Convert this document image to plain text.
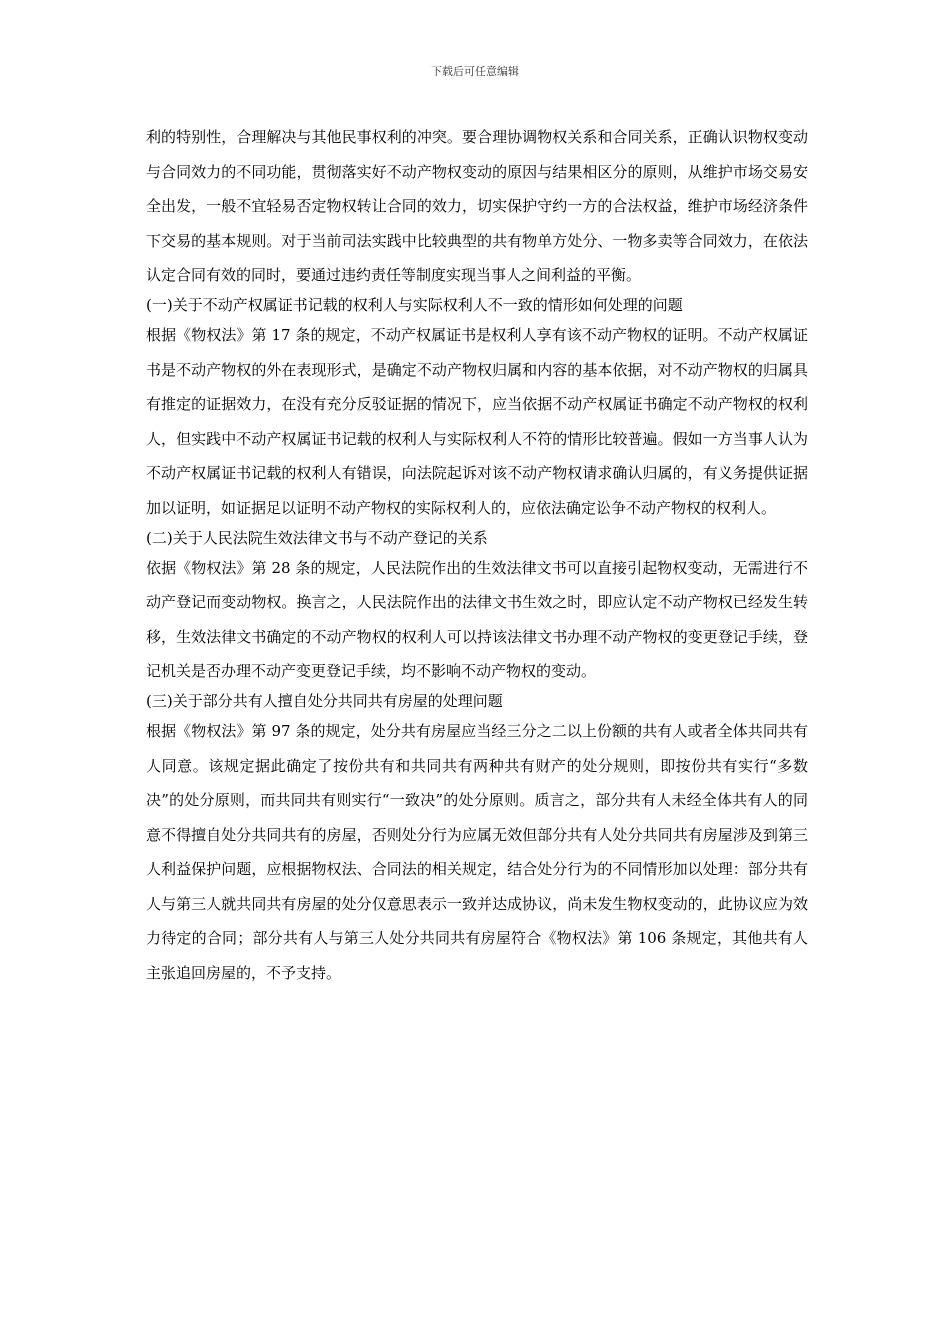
下载后可任意编辑

利的特别性，合理解决与其他民事权利的冲突。要合理协调物权关系和合同关系，正确认识物权变动与合同效力的不同功能，贯彻落实好不动产物权变动的原因与结果相区分的原则，从维护市场交易安全出发，一般不宜轻易否定物权转让合同的效力，切实保护守约一方的合法权益，维护市场经济条件下交易的基本规则。对于当前司法实践中比较典型的共有物单方处分、一物多卖等合同效力，在依法认定合同有效的同时，要通过违约责任等制度实现当事人之间利益的平衡。

(一)关于不动产权属证书记载的权利人与实际权利人不一致的情形如何处理的问题

根据《物权法》第 17 条的规定，不动产权属证书是权利人享有该不动产物权的证明。不动产权属证书是不动产物权的外在表现形式，是确定不动产物权归属和内容的基本依据，对不动产物权的归属具有推定的证据效力，在没有充分反驳证据的情况下，应当依据不动产权属证书确定不动产物权的权利人，但实践中不动产权属证书记载的权利人与实际权利人不符的情形比较普遍。假如一方当事人认为不动产权属证书记载的权利人有错误，向法院起诉对该不动产物权请求确认归属的，有义务提供证据加以证明，如证据足以证明不动产物权的实际权利人的，应依法确定讼争不动产物权的权利人。

(二)关于人民法院生效法律文书与不动产登记的关系

依据《物权法》第 28 条的规定，人民法院作出的生效法律文书可以直接引起物权变动，无需进行不动产登记而变动物权。换言之，人民法院作出的法律文书生效之时，即应认定不动产物权已经发生转移，生效法律文书确定的不动产物权的权利人可以持该法律文书办理不动产物权的变更登记手续，登记机关是否办理不动产变更登记手续，均不影响不动产物权的变动。

(三)关于部分共有人擅自处分共同共有房屋的处理问题

根据《物权法》第 97 条的规定，处分共有房屋应当经三分之二以上份额的共有人或者全体共同共有人同意。该规定据此确定了按份共有和共同共有两种共有财产的处分规则，即按份共有实行“多数决”的处分原则，而共同共有则实行“一致决”的处分原则。质言之，部分共有人未经全体共有人的同意不得擅自处分共同共有的房屋，否则处分行为应属无效但部分共有人处分共同共有房屋涉及到第三人利益保护问题，应根据物权法、合同法的相关规定，结合处分行为的不同情形加以处理：部分共有人与第三人就共同共有房屋的处分仅意思表示一致并达成协议，尚未发生物权变动的，此协议应为效力待定的合同；部分共有人与第三人处分共同共有房屋符合《物权法》第 106 条规定，其他共有人主张追回房屋的，不予支持。
